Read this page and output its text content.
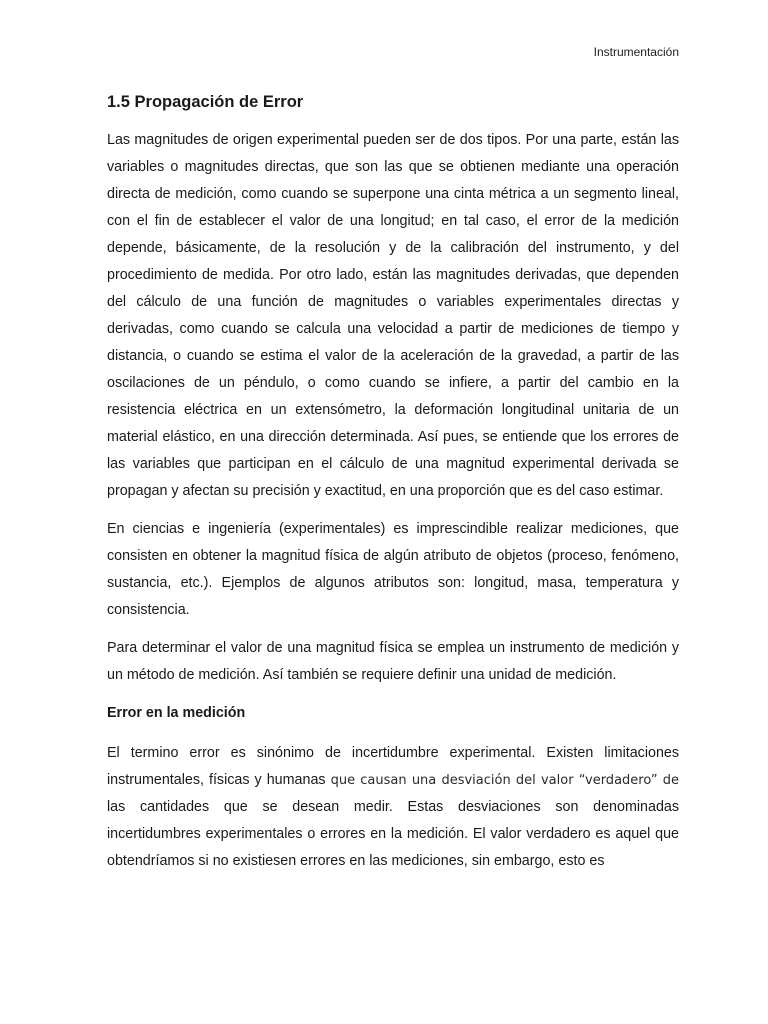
Instrumentación
1.5 Propagación de Error

Las magnitudes de origen experimental pueden ser de dos tipos. Por una parte, están las variables o magnitudes directas, que son las que se obtienen mediante una operación directa de medición, como cuando se superpone una cinta métrica a un segmento lineal, con el fin de establecer el valor de una longitud; en tal caso, el error de la medición depende, básicamente, de la resolución y de la calibración del instrumento, y del procedimiento de medida. Por otro lado, están las magnitudes derivadas, que dependen del cálculo de una función de magnitudes o variables experimentales directas y derivadas, como cuando se calcula una velocidad a partir de mediciones de tiempo y distancia, o cuando se estima el valor de la aceleración de la gravedad, a partir de las oscilaciones de un péndulo, o como cuando se infiere, a partir del cambio en la resistencia eléctrica en un extensómetro, la deformación longitudinal unitaria de un material elástico, en una dirección determinada. Así pues, se entiende que los errores de las variables que participan en el cálculo de una magnitud experimental derivada se propagan y afectan su precisión y exactitud, en una proporción que es del caso estimar.

En ciencias e ingeniería (experimentales) es imprescindible realizar mediciones, que consisten en obtener la magnitud física de algún atributo de objetos (proceso, fenómeno, sustancia, etc.). Ejemplos de algunos atributos son: longitud, masa, temperatura y consistencia.

Para determinar el valor de una magnitud física se emplea un instrumento de medición y un método de medición. Así también se requiere definir una unidad de medición.

Error en la medición

El termino error es sinónimo de incertidumbre experimental. Existen limitaciones instrumentales, físicas y humanas que causan una desviación del valor “verdadero” de las cantidades que se desean medir. Estas desviaciones son denominadas incertidumbres experimentales o errores en la medición. El valor verdadero es aquel que obtendríamos si no existiesen errores en las mediciones, sin embargo, esto es
